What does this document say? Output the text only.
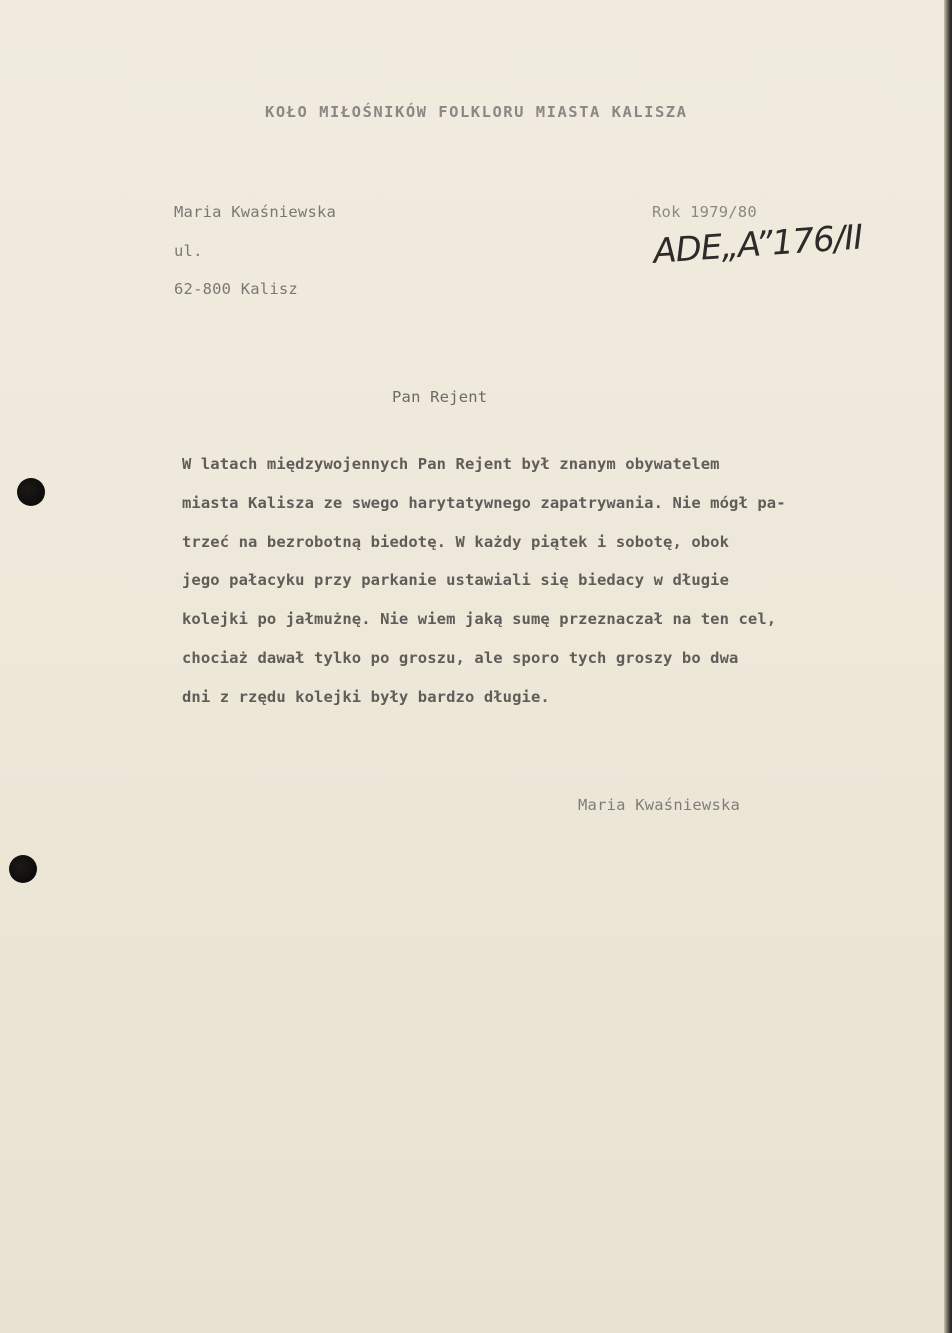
KOŁO MIŁOŚNIKÓW FOLKLORU MIASTA KALISZA
Maria Kwaśniewska
ul.
62-800 Kalisz
Rok 1979/80
ADE„A”176/II
Pan Rejent
W latach międzywojennych Pan Rejent był znanym obywatelem
miasta Kalisza ze swego harytatywnego zapatrywania. Nie mógł pa-
trzeć na bezrobotną biedotę. W każdy piątek i sobotę, obok
jego pałacyku przy parkanie ustawiali się biedacy w długie
kolejki po jałmużnę. Nie wiem jaką sumę przeznaczał na ten cel,
chociaż dawał tylko po groszu, ale sporo tych groszy bo dwa
dni z rzędu kolejki były bardzo długie.
Maria Kwaśniewska
